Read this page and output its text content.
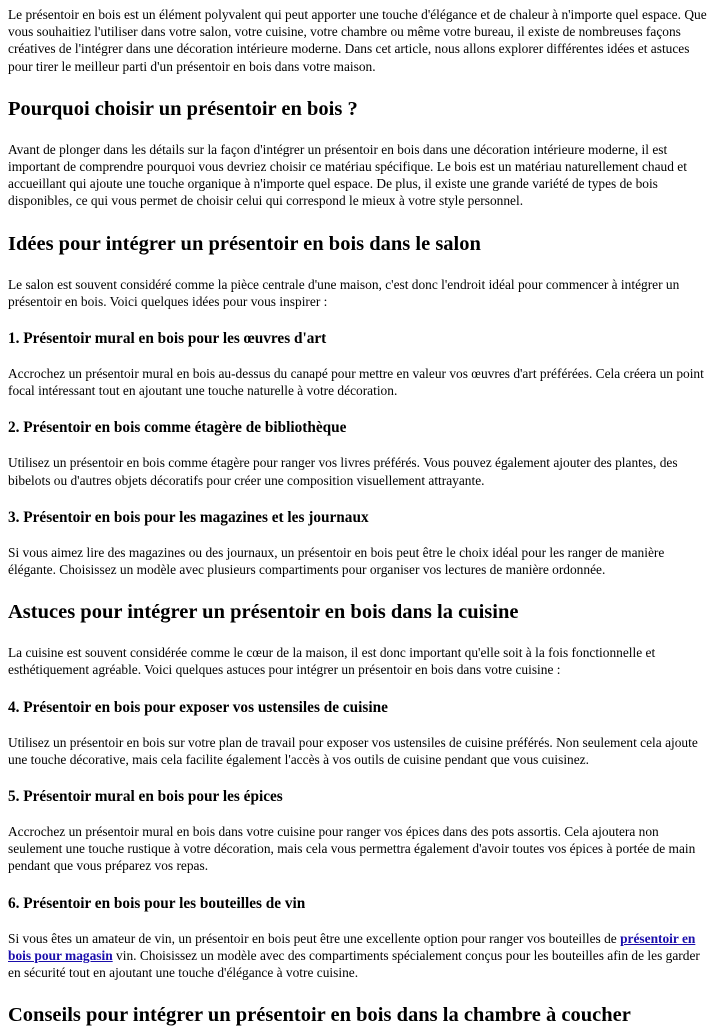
Le présentoir en bois est un élément polyvalent qui peut apporter une touche d'élégance et de chaleur à n'importe quel espace. Que vous souhaitiez l'utiliser dans votre salon, votre cuisine, votre chambre ou même votre bureau, il existe de nombreuses façons créatives de l'intégrer dans une décoration intérieure moderne. Dans cet article, nous allons explorer différentes idées et astuces pour tirer le meilleur parti d'un présentoir en bois dans votre maison.

Pourquoi choisir un présentoir en bois ?

Avant de plonger dans les détails sur la façon d'intégrer un présentoir en bois dans une décoration intérieure moderne, il est important de comprendre pourquoi vous devriez choisir ce matériau spécifique. Le bois est un matériau naturellement chaud et accueillant qui ajoute une touche organique à n'importe quel espace. De plus, il existe une grande variété de types de bois disponibles, ce qui vous permet de choisir celui qui correspond le mieux à votre style personnel.

Idées pour intégrer un présentoir en bois dans le salon

Le salon est souvent considéré comme la pièce centrale d'une maison, c'est donc l'endroit idéal pour commencer à intégrer un présentoir en bois. Voici quelques idées pour vous inspirer :

1. Présentoir mural en bois pour les œuvres d'art

Accrochez un présentoir mural en bois au-dessus du canapé pour mettre en valeur vos œuvres d'art préférées. Cela créera un point focal intéressant tout en ajoutant une touche naturelle à votre décoration.

2. Présentoir en bois comme étagère de bibliothèque

Utilisez un présentoir en bois comme étagère pour ranger vos livres préférés. Vous pouvez également ajouter des plantes, des bibelots ou d'autres objets décoratifs pour créer une composition visuellement attrayante.

3. Présentoir en bois pour les magazines et les journaux

Si vous aimez lire des magazines ou des journaux, un présentoir en bois peut être le choix idéal pour les ranger de manière élégante. Choisissez un modèle avec plusieurs compartiments pour organiser vos lectures de manière ordonnée.

Astuces pour intégrer un présentoir en bois dans la cuisine

La cuisine est souvent considérée comme le cœur de la maison, il est donc important qu'elle soit à la fois fonctionnelle et esthétiquement agréable. Voici quelques astuces pour intégrer un présentoir en bois dans votre cuisine :

4. Présentoir en bois pour exposer vos ustensiles de cuisine

Utilisez un présentoir en bois sur votre plan de travail pour exposer vos ustensiles de cuisine préférés. Non seulement cela ajoute une touche décorative, mais cela facilite également l'accès à vos outils de cuisine pendant que vous cuisinez.

5. Présentoir mural en bois pour les épices

Accrochez un présentoir mural en bois dans votre cuisine pour ranger vos épices dans des pots assortis. Cela ajoutera non seulement une touche rustique à votre décoration, mais cela vous permettra également d'avoir toutes vos épices à portée de main pendant que vous préparez vos repas.

6. Présentoir en bois pour les bouteilles de vin

Si vous êtes un amateur de vin, un présentoir en bois peut être une excellente option pour ranger vos bouteilles de présentoir en bois pour magasin vin. Choisissez un modèle avec des compartiments spécialement conçus pour les bouteilles afin de les garder en sécurité tout en ajoutant une touche d'élégance à votre cuisine.

Conseils pour intégrer un présentoir en bois dans la chambre à coucher
